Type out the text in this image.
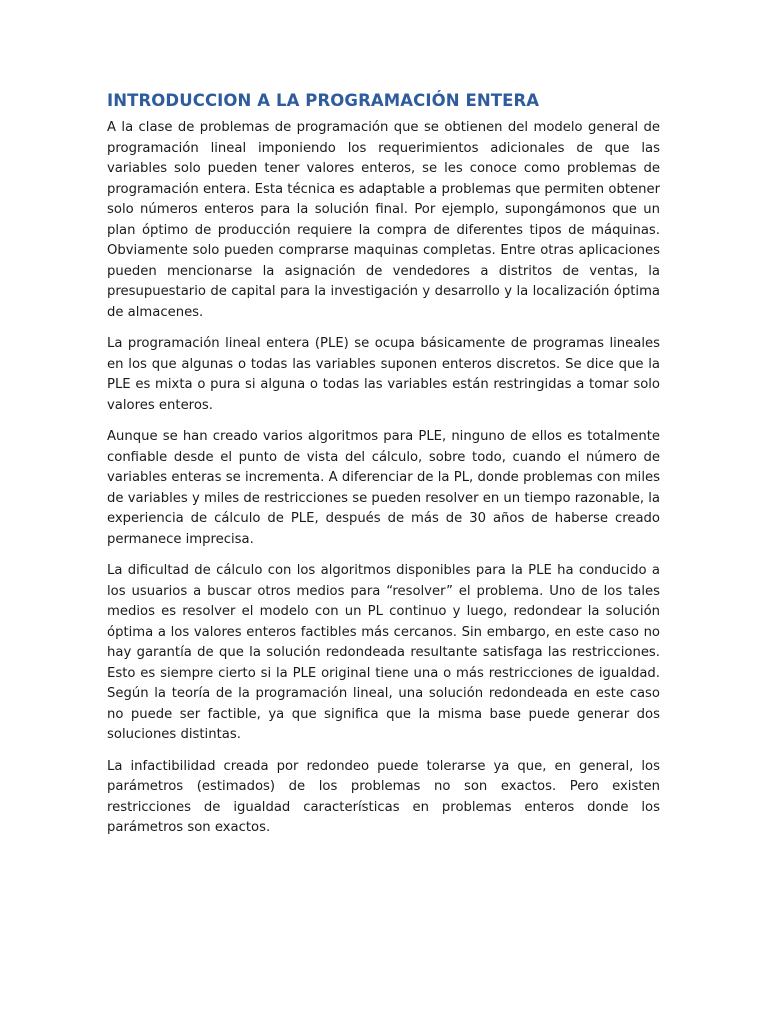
INTRODUCCION A LA PROGRAMACIÓN ENTERA

A la clase de problemas de programación que se obtienen del modelo general de programación lineal imponiendo los requerimientos adicionales de que las variables solo pueden tener valores enteros, se les conoce como problemas de programación entera. Esta técnica es adaptable a problemas que permiten obtener solo números enteros para la solución final. Por ejemplo, supongámonos que un plan óptimo de producción requiere la compra de diferentes tipos de máquinas. Obviamente solo pueden comprarse maquinas completas. Entre otras aplicaciones pueden mencionarse la asignación de vendedores a distritos de ventas, la presupuestario de capital para la investigación y desarrollo y la localización óptima de almacenes.

La programación lineal entera (PLE) se ocupa básicamente de programas lineales en los que algunas o todas las variables suponen enteros discretos. Se dice que la PLE es mixta o pura si alguna o todas las variables están restringidas a tomar solo valores enteros.

Aunque se han creado varios algoritmos para PLE, ninguno de ellos es totalmente confiable desde el punto de vista del cálculo, sobre todo, cuando el número de variables enteras se incrementa. A diferenciar de la PL, donde problemas con miles de variables y miles de restricciones se pueden resolver en un tiempo razonable, la experiencia de cálculo de PLE, después de más de 30 años de haberse creado permanece imprecisa.

La dificultad de cálculo con los algoritmos disponibles para la PLE ha conducido a los usuarios a buscar otros medios para “resolver” el problema. Uno de los tales medios es resolver el modelo con un PL continuo y luego, redondear la solución óptima a los valores enteros factibles más cercanos. Sin embargo, en este caso no hay garantía de que la solución redondeada resultante satisfaga las restricciones. Esto es siempre cierto si la PLE original tiene una o más restricciones de igualdad. Según la teoría de la programación lineal, una solución redondeada en este caso no puede ser factible, ya que significa que la misma base puede generar dos soluciones distintas.

La infactibilidad creada por redondeo puede tolerarse ya que, en general, los parámetros (estimados) de los problemas no son exactos. Pero existen restricciones de igualdad características en problemas enteros donde los parámetros son exactos.
